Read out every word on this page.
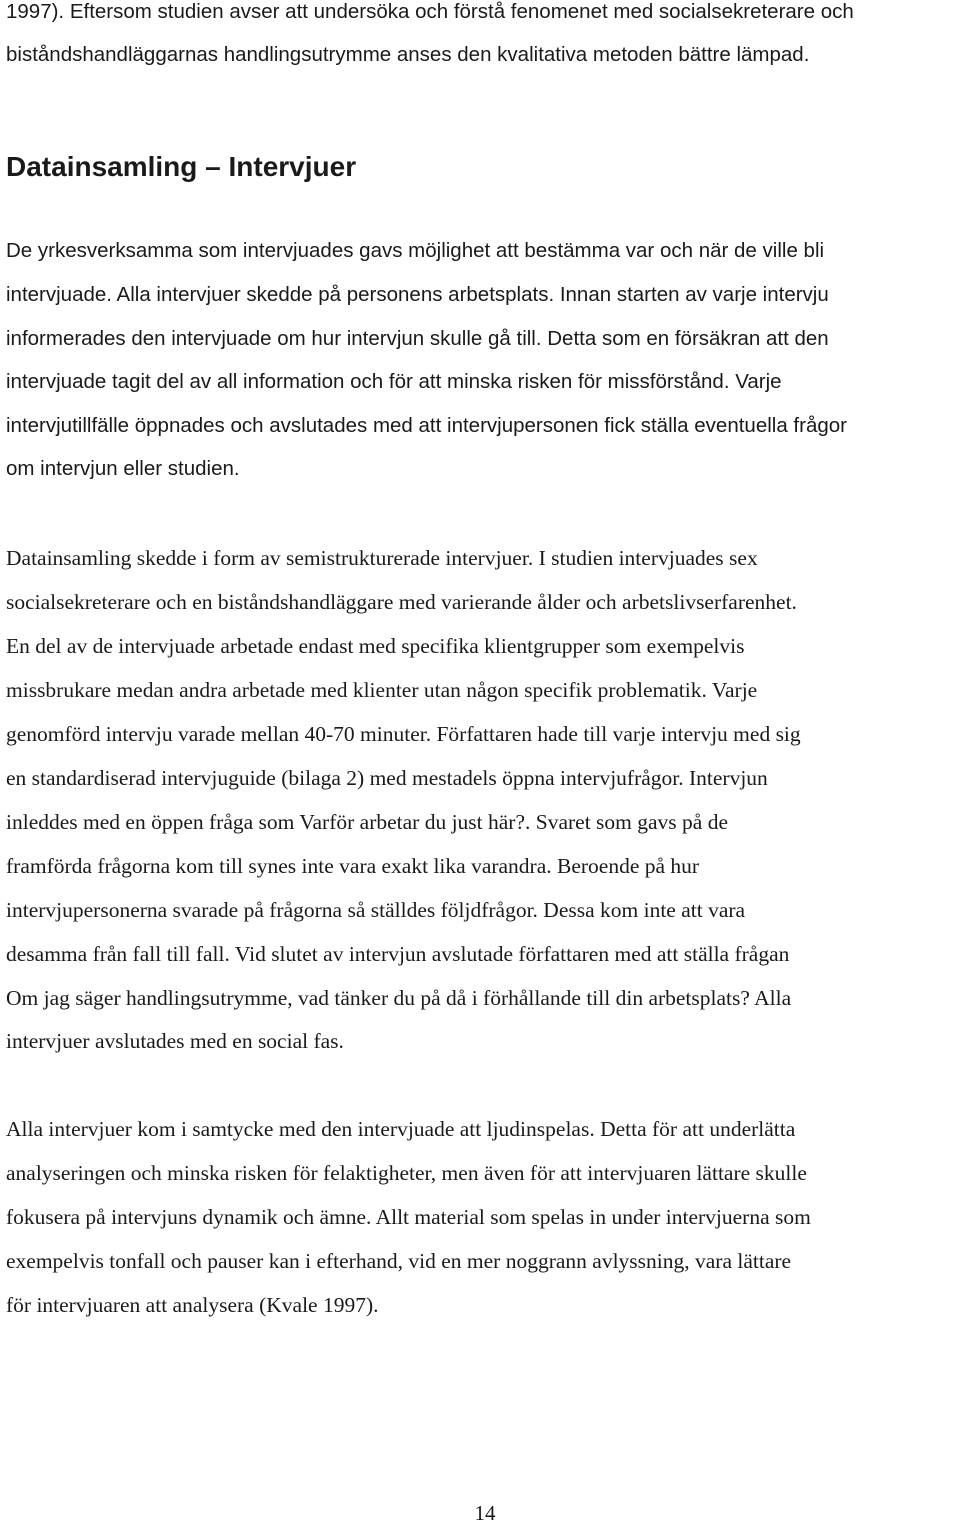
1997). Eftersom studien avser att undersöka och förstå fenomenet med socialsekreterare och
biståndshandläggarnas handlingsutrymme anses den kvalitativa metoden bättre lämpad.
Datainsamling – Intervjuer
De yrkesverksamma som intervjuades gavs möjlighet att bestämma var och när de ville bli
intervjuade. Alla intervjuer skedde på personens arbetsplats. Innan starten av varje intervju
informerades den intervjuade om hur intervjun skulle gå till. Detta som en försäkran att den
intervjuade tagit del av all information och för att minska risken för missförstånd. Varje
intervjutillfälle öppnades och avslutades med att intervjupersonen fick ställa eventuella frågor
om intervjun eller studien.
Datainsamling skedde i form av semistrukturerade intervjuer. I studien intervjuades sex
socialsekreterare och en biståndshandläggare med varierande ålder och arbetslivserfarenhet.
En del av de intervjuade arbetade endast med specifika klientgrupper som exempelvis
missbrukare medan andra arbetade med klienter utan någon specifik problematik. Varje
genomförd intervju varade mellan 40-70 minuter. Författaren hade till varje intervju med sig
en standardiserad intervjuguide (bilaga 2) med mestadels öppna intervjufrågor. Intervjun
inleddes med en öppen fråga som Varför arbetar du just här?. Svaret som gavs på de
framförda frågorna kom till synes inte vara exakt lika varandra. Beroende på hur
intervjupersonerna svarade på frågorna så ställdes följdfrågor. Dessa kom inte att vara
desamma från fall till fall. Vid slutet av intervjun avslutade författaren med att ställa frågan
Om jag säger handlingsutrymme, vad tänker du på då i förhållande till din arbetsplats? Alla
intervjuer avslutades med en social fas.
Alla intervjuer kom i samtycke med den intervjuade att ljudinspelas. Detta för att underlätta
analyseringen och minska risken för felaktigheter, men även för att intervjuaren lättare skulle
fokusera på intervjuns dynamik och ämne. Allt material som spelas in under intervjuerna som
exempelvis tonfall och pauser kan i efterhand, vid en mer noggrann avlyssning, vara lättare
för intervjuaren att analysera (Kvale 1997).
14
